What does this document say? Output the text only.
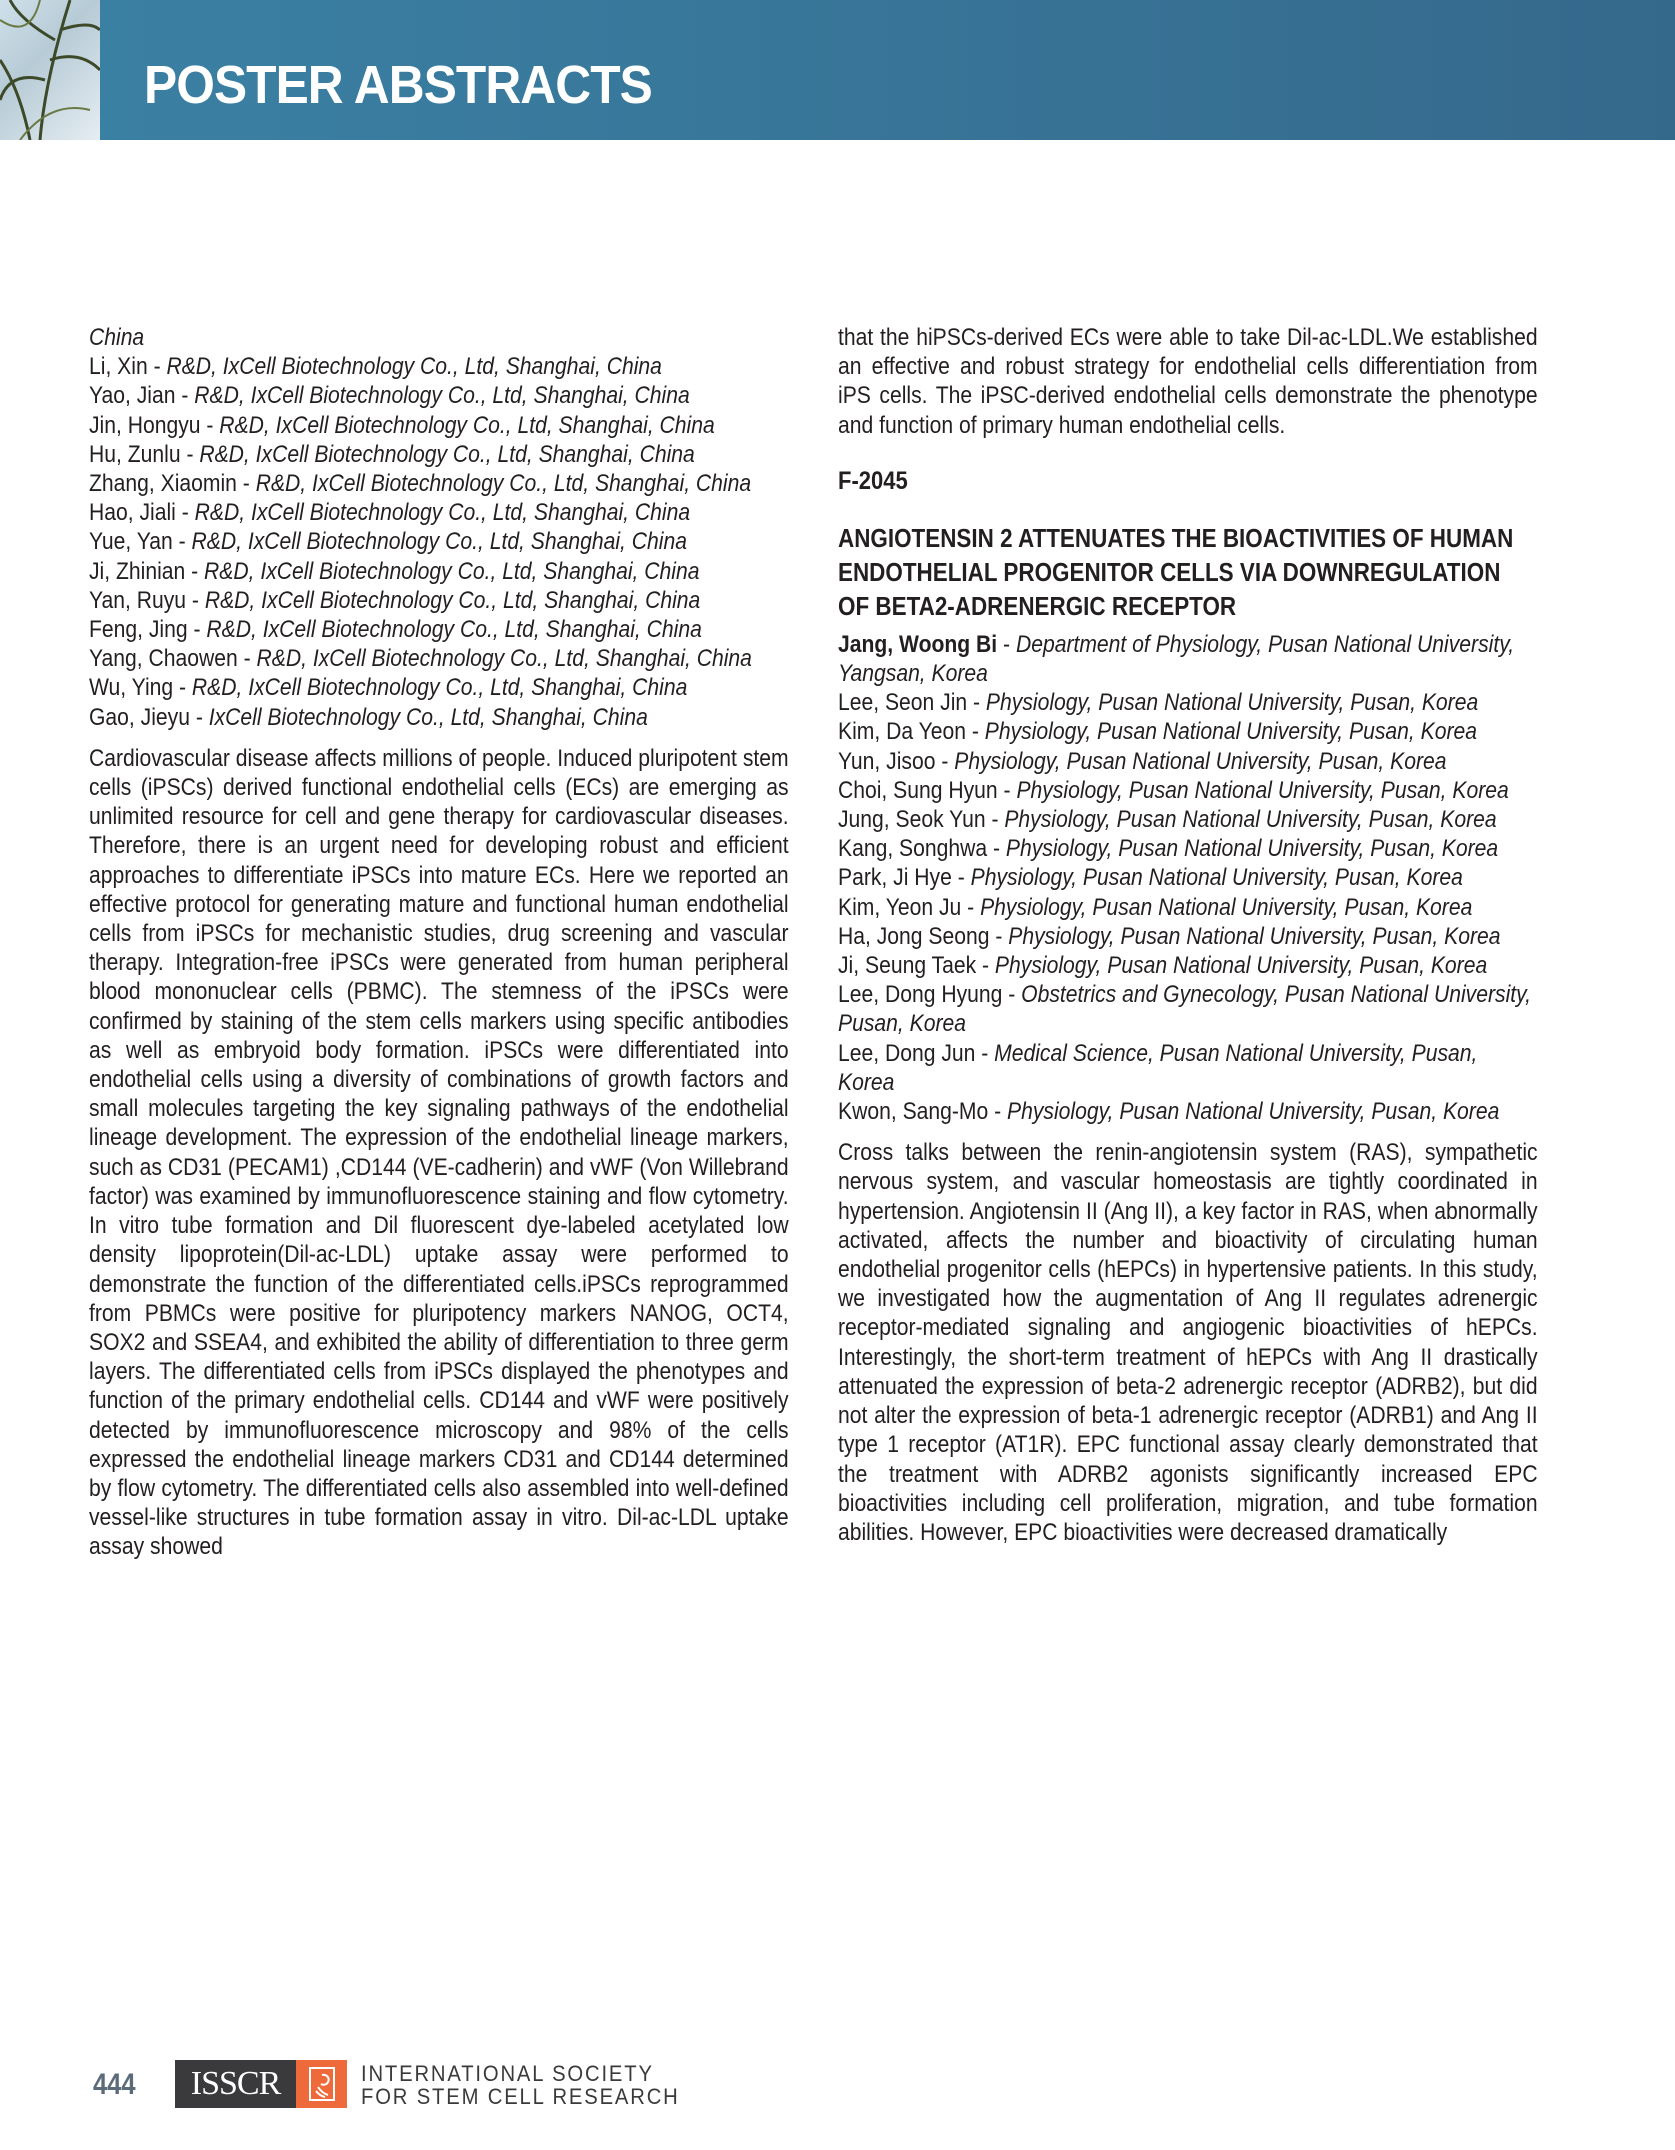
POSTER ABSTRACTS
China
Li, Xin - R&D, IxCell Biotechnology Co., Ltd, Shanghai, China
Yao, Jian - R&D, IxCell Biotechnology Co., Ltd, Shanghai, China
Jin, Hongyu - R&D, IxCell Biotechnology Co., Ltd, Shanghai, China
Hu, Zunlu - R&D, IxCell Biotechnology Co., Ltd, Shanghai, China
Zhang, Xiaomin - R&D, IxCell Biotechnology Co., Ltd, Shanghai, China
Hao, Jiali - R&D, IxCell Biotechnology Co., Ltd, Shanghai, China
Yue, Yan - R&D, IxCell Biotechnology Co., Ltd, Shanghai, China
Ji, Zhinian - R&D, IxCell Biotechnology Co., Ltd, Shanghai, China
Yan, Ruyu - R&D, IxCell Biotechnology Co., Ltd, Shanghai, China
Feng, Jing - R&D, IxCell Biotechnology Co., Ltd, Shanghai, China
Yang, Chaowen - R&D, IxCell Biotechnology Co., Ltd, Shanghai, China
Wu, Ying - R&D, IxCell Biotechnology Co., Ltd, Shanghai, China
Gao, Jieyu - IxCell Biotechnology Co., Ltd, Shanghai, China
Cardiovascular disease affects millions of people. Induced pluripotent stem cells (iPSCs) derived functional endothelial cells (ECs) are emerging as unlimited resource for cell and gene therapy for cardiovascular diseases. Therefore, there is an urgent need for developing robust and efficient approaches to differentiate iPSCs into mature ECs. Here we reported an effective protocol for generating mature and functional human endothelial cells from iPSCs for mechanistic studies, drug screening and vascular therapy. Integration-free iPSCs were generated from human peripheral blood mononuclear cells (PBMC). The stemness of the iPSCs were confirmed by staining of the stem cells markers using specific antibodies as well as embryoid body formation. iPSCs were differentiated into endothelial cells using a diversity of combinations of growth factors and small molecules targeting the key signaling pathways of the endothelial lineage development. The expression of the endothelial lineage markers, such as CD31 (PECAM1) ,CD144 (VE-cadherin) and vWF (Von Willebrand factor) was examined by immunofluorescence staining and flow cytometry. In vitro tube formation and Dil fluorescent dye-labeled acetylated low density lipoprotein(Dil-ac-LDL) uptake assay were performed to demonstrate the function of the differentiated cells.iPSCs reprogrammed from PBMCs were positive for pluripotency markers NANOG, OCT4, SOX2 and SSEA4, and exhibited the ability of differentiation to three germ layers. The differentiated cells from iPSCs displayed the phenotypes and function of the primary endothelial cells. CD144 and vWF were positively detected by immunofluorescence microscopy and 98% of the cells expressed the endothelial lineage markers CD31 and CD144 determined by flow cytometry. The differentiated cells also assembled into well-defined vessel-like structures in tube formation assay in vitro. Dil-ac-LDL uptake assay showed
that the hiPSCs-derived ECs were able to take Dil-ac-LDL.We established an effective and robust strategy for endothelial cells differentiation from iPS cells. The iPSC-derived endothelial cells demonstrate the phenotype and function of primary human endothelial cells.
F-2045
ANGIOTENSIN 2 ATTENUATES THE BIOACTIVITIES OF HUMAN ENDOTHELIAL PROGENITOR CELLS VIA DOWNREGULATION OF BETA2-ADRENERGIC RECEPTOR
Jang, Woong Bi - Department of Physiology, Pusan National University, Yangsan, Korea
Lee, Seon Jin - Physiology, Pusan National University, Pusan, Korea
Kim, Da Yeon - Physiology, Pusan National University, Pusan, Korea
Yun, Jisoo - Physiology, Pusan National University, Pusan, Korea
Choi, Sung Hyun - Physiology, Pusan National University, Pusan, Korea
Jung, Seok Yun - Physiology, Pusan National University, Pusan, Korea
Kang, Songhwa - Physiology, Pusan National University, Pusan, Korea
Park, Ji Hye - Physiology, Pusan National University, Pusan, Korea
Kim, Yeon Ju - Physiology, Pusan National University, Pusan, Korea
Ha, Jong Seong - Physiology, Pusan National University, Pusan, Korea
Ji, Seung Taek - Physiology, Pusan National University, Pusan, Korea
Lee, Dong Hyung - Obstetrics and Gynecology, Pusan National University, Pusan, Korea
Lee, Dong Jun - Medical Science, Pusan National University, Pusan, Korea
Kwon, Sang-Mo - Physiology, Pusan National University, Pusan, Korea
Cross talks between the renin-angiotensin system (RAS), sympathetic nervous system, and vascular homeostasis are tightly coordinated in hypertension. Angiotensin II (Ang II), a key factor in RAS, when abnormally activated, affects the number and bioactivity of circulating human endothelial progenitor cells (hEPCs) in hypertensive patients. In this study, we investigated how the augmentation of Ang II regulates adrenergic receptor-mediated signaling and angiogenic bioactivities of hEPCs. Interestingly, the short-term treatment of hEPCs with Ang II drastically attenuated the expression of beta-2 adrenergic receptor (ADRB2), but did not alter the expression of beta-1 adrenergic receptor (ADRB1) and Ang II type 1 receptor (AT1R). EPC functional assay clearly demonstrated that the treatment with ADRB2 agonists significantly increased EPC bioactivities including cell proliferation, migration, and tube formation abilities. However, EPC bioactivities were decreased dramatically
444	ISSCR	INTERNATIONAL SOCIETY
FOR STEM CELL RESEARCH
